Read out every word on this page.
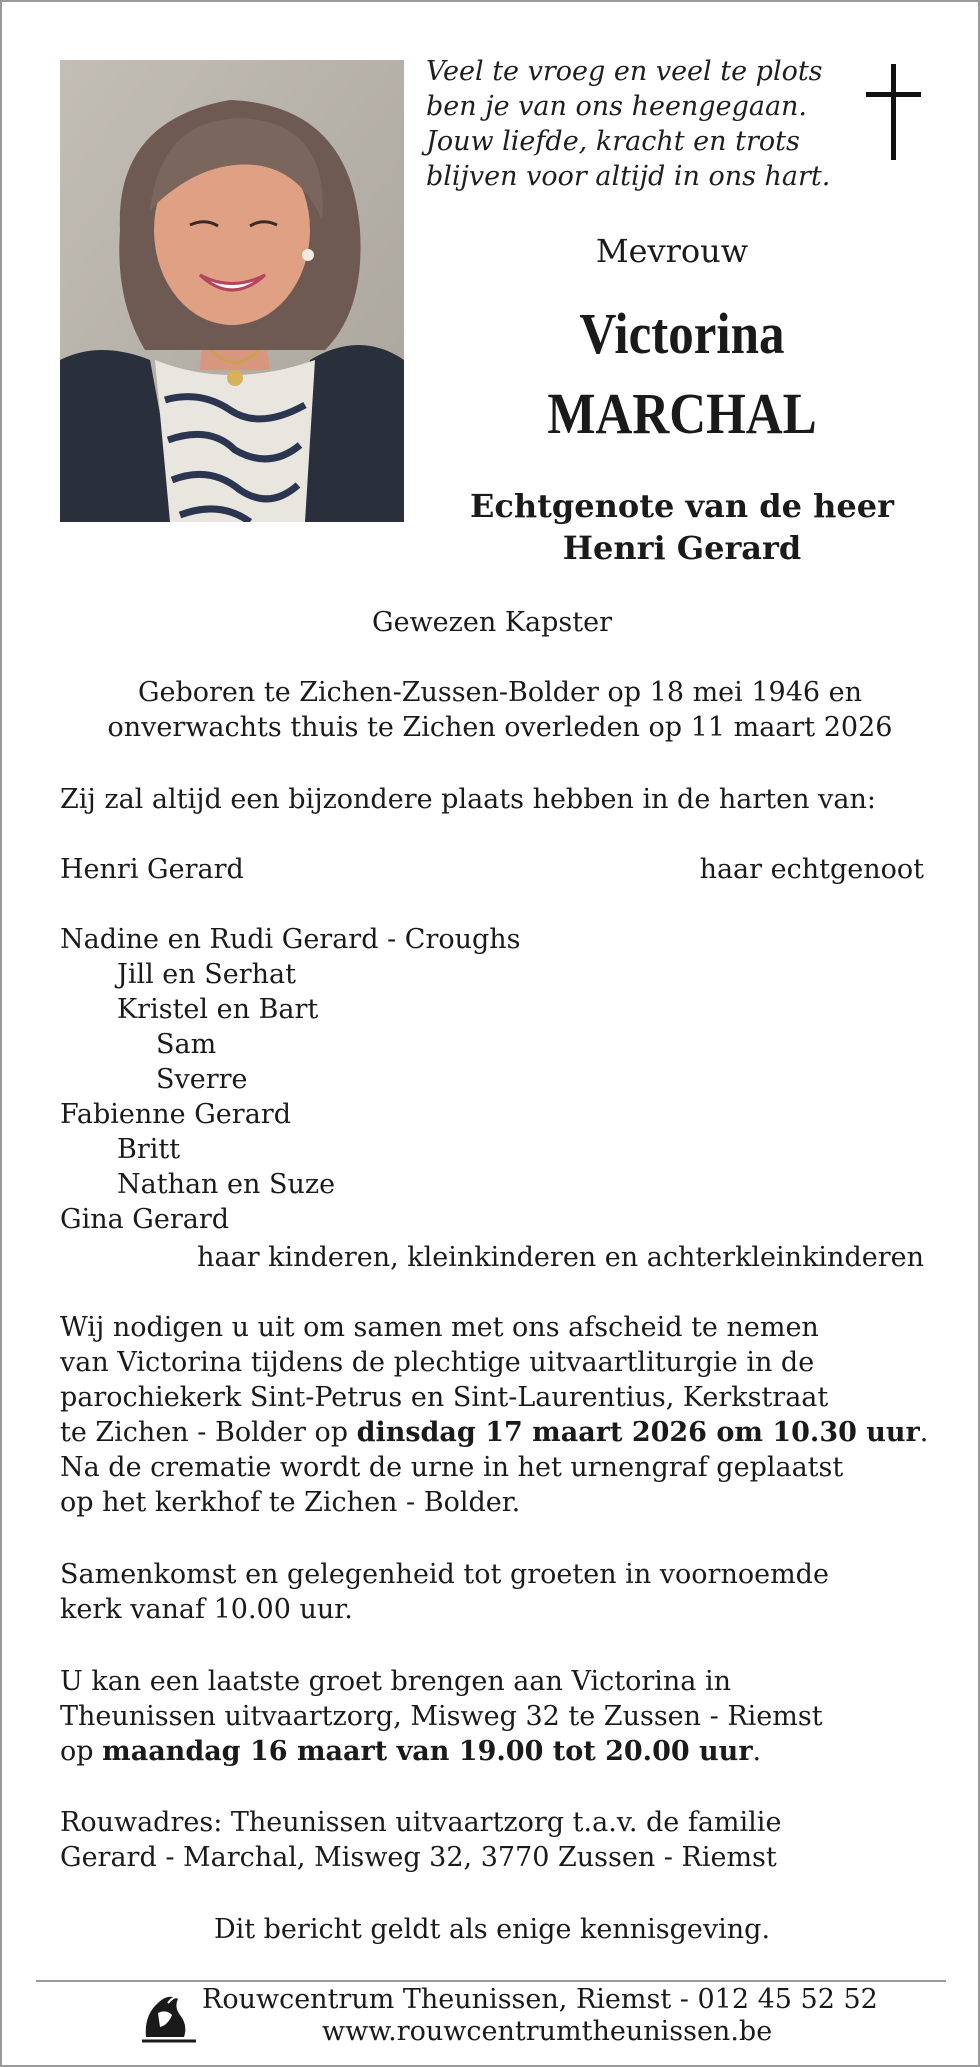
Veel te vroeg en veel te plots
ben je van ons heengegaan.
Jouw liefde, kracht en trots
blijven voor altijd in ons hart.
Mevrouw
Victorina
MARCHAL
Echtgenote van de heer
Henri Gerard
Gewezen Kapster
Geboren te Zichen-Zussen-Bolder op 18 mei 1946 en
onverwachts thuis te Zichen overleden op 11 maart 2026
Zij zal altijd een bijzondere plaats hebben in de harten van:
Henri Gerard	haar echtgenoot
Nadine en Rudi Gerard - Croughs
Jill en Serhat
Kristel en Bart
Sam
Sverre
Fabienne Gerard
Britt
Nathan en Suze
Gina Gerard
haar kinderen, kleinkinderen en achterkleinkinderen
Wij nodigen u uit om samen met ons afscheid te nemen
van Victorina tijdens de plechtige uitvaartliturgie in de
parochiekerk Sint-Petrus en Sint-Laurentius, Kerkstraat
te Zichen - Bolder op dinsdag 17 maart 2026 om 10.30 uur.
Na de crematie wordt de urne in het urnengraf geplaatst
op het kerkhof te Zichen - Bolder.
Samenkomst en gelegenheid tot groeten in voornoemde
kerk vanaf 10.00 uur.
U kan een laatste groet brengen aan Victorina in
Theunissen uitvaartzorg, Misweg 32 te Zussen - Riemst
op maandag 16 maart van 19.00 tot 20.00 uur.
Rouwadres: Theunissen uitvaartzorg t.a.v. de familie
Gerard - Marchal, Misweg 32, 3770 Zussen - Riemst
Dit bericht geldt als enige kennisgeving.
Rouwcentrum Theunissen, Riemst - 012 45 52 52
www.rouwcentrumtheunissen.be
